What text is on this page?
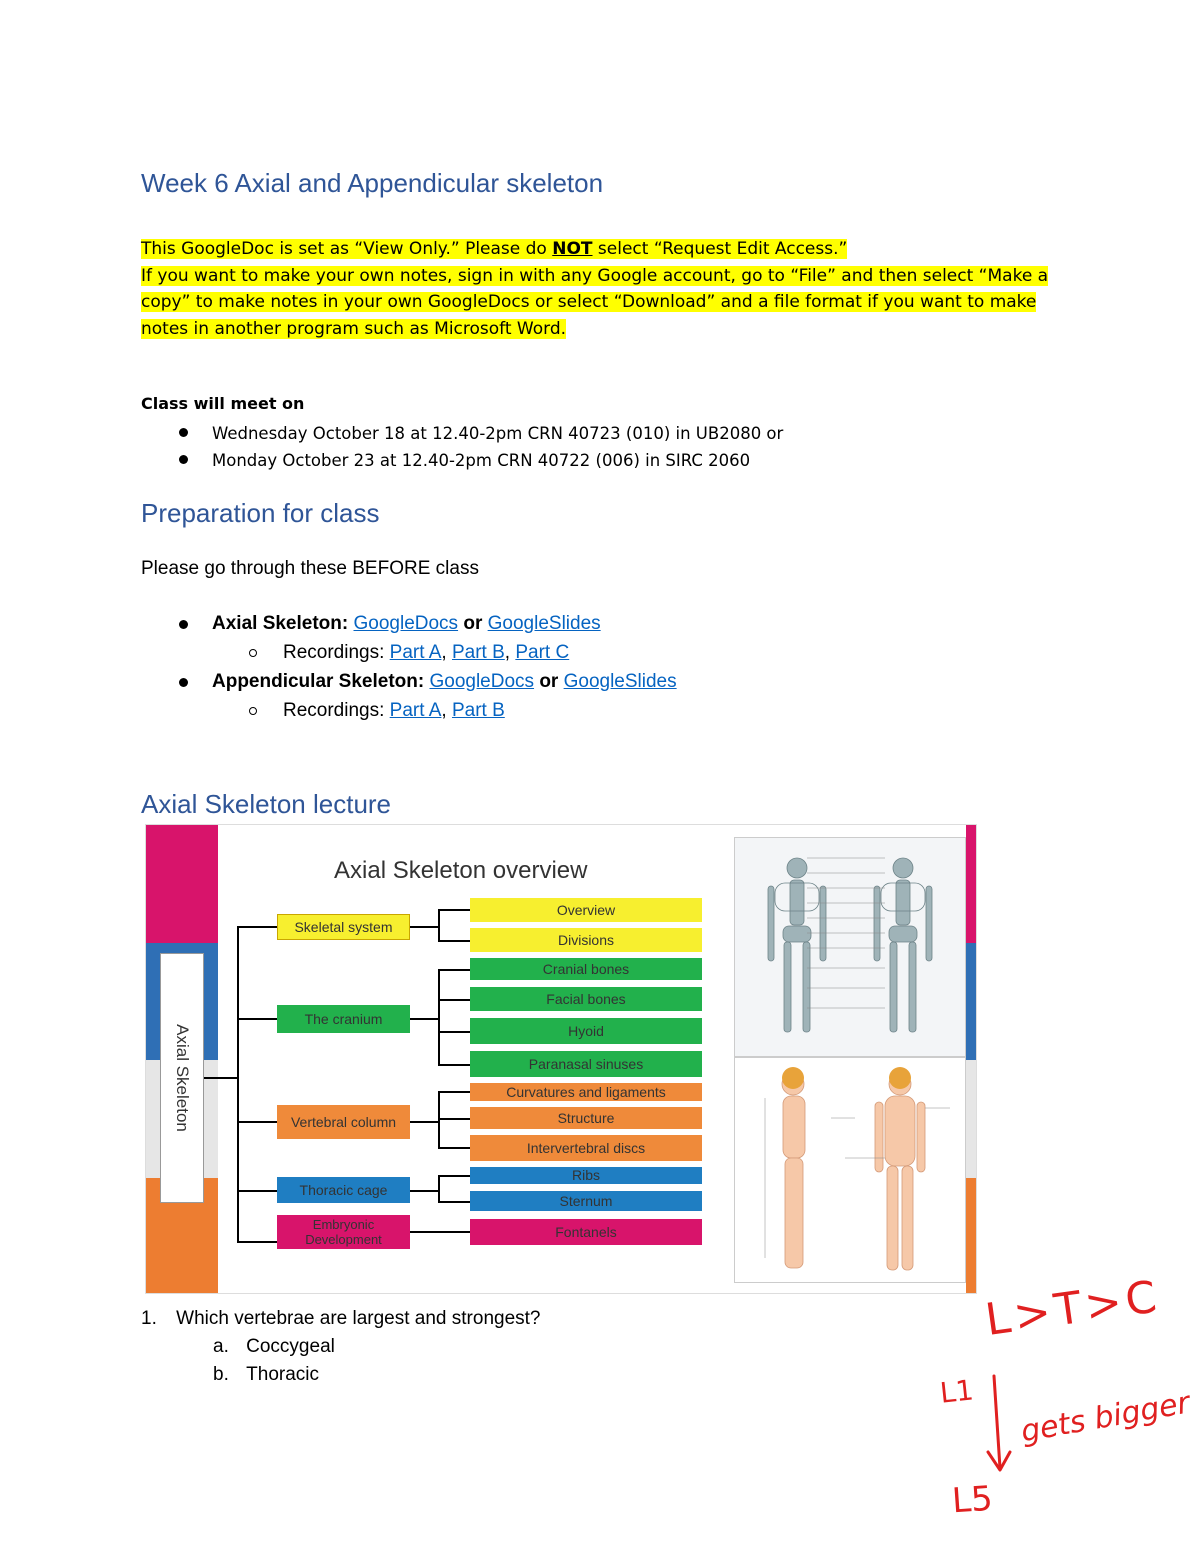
Week 6 Axial and Appendicular skeleton
This GoogleDoc is set as “View Only.” Please do NOT select “Request Edit Access.”
If you want to make your own notes, sign in with any Google account, go to “File” and then select “Make a copy” to make notes in your own GoogleDocs or select “Download” and a file format if you want to make notes in another program such as Microsoft Word.
Class will meet on
Wednesday October 18 at 12.40-2pm CRN 40723 (010) in UB2080 or
Monday October 23 at 12.40-2pm CRN 40722 (006) in SIRC 2060
Preparation for class
Please go through these BEFORE class
Axial Skeleton: GoogleDocs or GoogleSlides
Recordings: Part A, Part B, Part C
Appendicular Skeleton: GoogleDocs or GoogleSlides
Recordings: Part A, Part B
Axial Skeleton lecture
Axial Skeleton
Axial Skeleton overview
Skeletal system
The cranium
Vertebral column
Thoracic cage
Embryonic Development
Overview
Divisions
Cranial bones
Facial bones
Hyoid
Paranasal sinuses
Curvatures and ligaments
Structure
Intervertebral discs
Ribs
Sternum
Fontanels
1. Which vertebrae are largest and strongest?
a. Coccygeal
b. Thoracic
L>T>C
L1 gets bigger
L5
